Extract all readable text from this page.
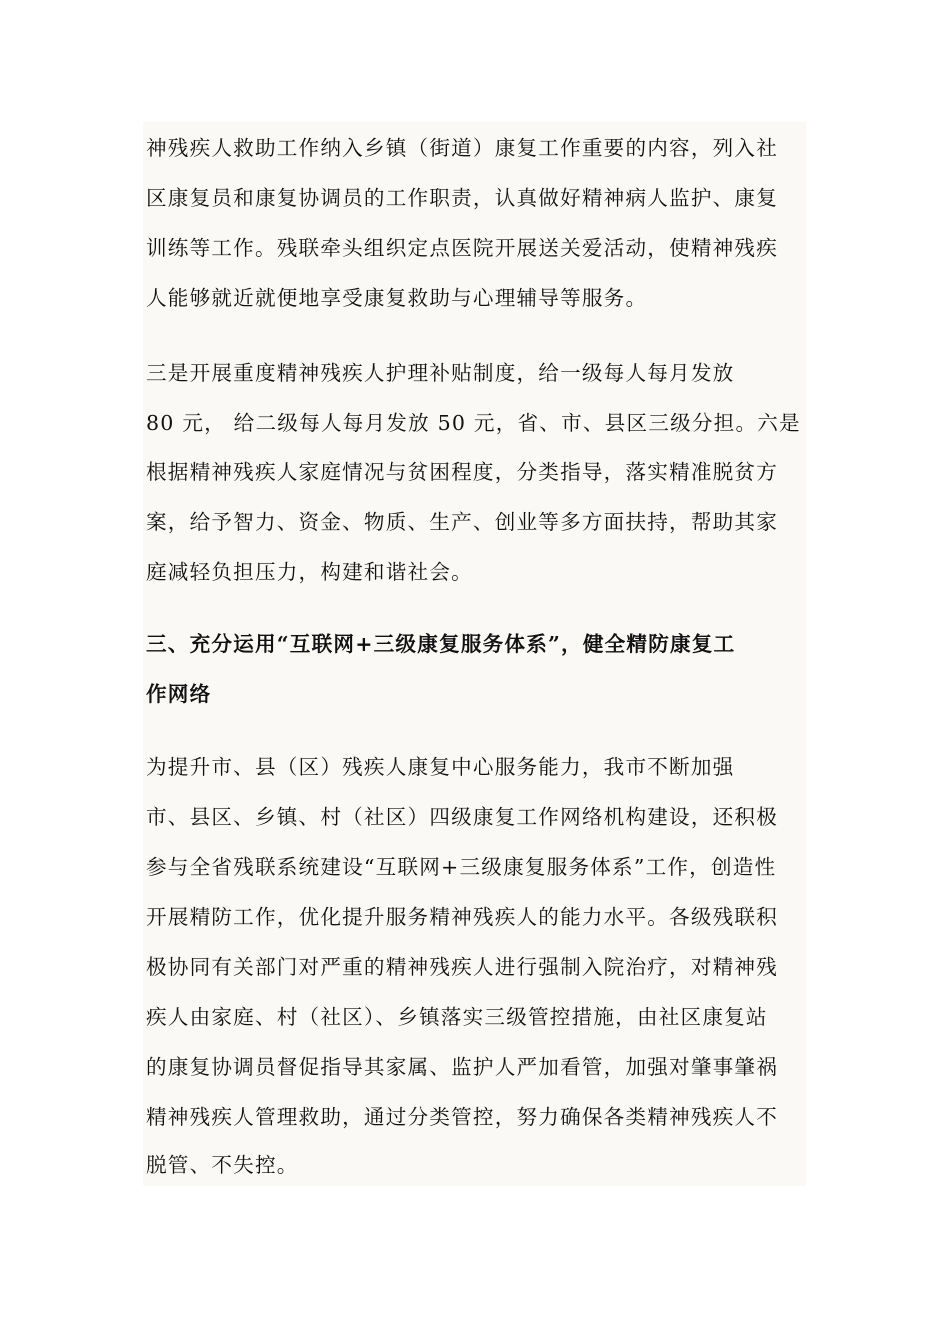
神残疾人救助工作纳入乡镇（街道）康复工作重要的内容，列入社
区康复员和康复协调员的工作职责，认真做好精神病人监护、康复
训练等工作。残联牵头组织定点医院开展送关爱活动，使精神残疾
人能够就近就便地享受康复救助与心理辅导等服务。
三是开展重度精神残疾人护理补贴制度，给一级每人每月发放
80 元， 给二级每人每月发放 50 元，省、市、县区三级分担。六是
根据精神残疾人家庭情况与贫困程度，分类指导，落实精准脱贫方
案，给予智力、资金、物质、生产、创业等多方面扶持，帮助其家
庭减轻负担压力，构建和谐社会。
三、充分运用“互联网+三级康复服务体系”，健全精防康复工
作网络
为提升市、县（区）残疾人康复中心服务能力，我市不断加强
市、县区、乡镇、村（社区）四级康复工作网络机构建设，还积极
参与全省残联系统建设“互联网+三级康复服务体系”工作，创造性
开展精防工作，优化提升服务精神残疾人的能力水平。各级残联积
极协同有关部门对严重的精神残疾人进行强制入院治疗，对精神残
疾人由家庭、村（社区）、乡镇落实三级管控措施，由社区康复站
的康复协调员督促指导其家属、监护人严加看管，加强对肇事肇祸
精神残疾人管理救助，通过分类管控，努力确保各类精神残疾人不
脱管、不失控。
